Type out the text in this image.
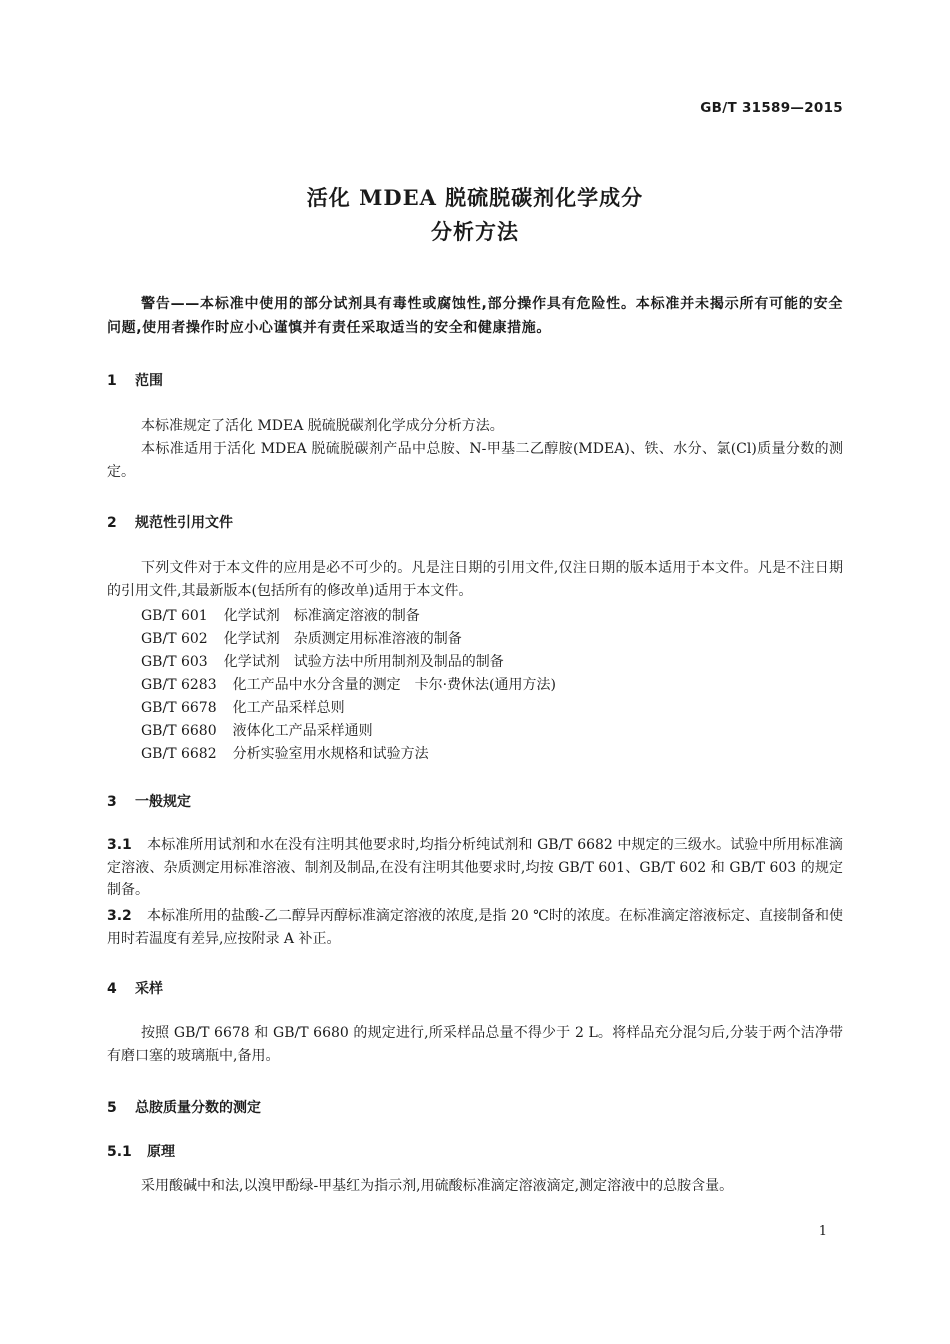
GB/T 31589—2015
活化 MDEA 脱硫脱碳剂化学成分
分析方法
警告——本标准中使用的部分试剂具有毒性或腐蚀性,部分操作具有危险性。本标准并未揭示所有可能的安全问题,使用者操作时应小心谨慎并有责任采取适当的安全和健康措施。
1 范围
本标准规定了活化 MDEA 脱硫脱碳剂化学成分分析方法。
本标准适用于活化 MDEA 脱硫脱碳剂产品中总胺、N-甲基二乙醇胺(MDEA)、铁、水分、氯(Cl)质量分数的测定。
2 规范性引用文件
下列文件对于本文件的应用是必不可少的。凡是注日期的引用文件,仅注日期的版本适用于本文件。凡是不注日期的引用文件,其最新版本(包括所有的修改单)适用于本文件。
GB/T 601 化学试剂　标准滴定溶液的制备
GB/T 602 化学试剂　杂质测定用标准溶液的制备
GB/T 603 化学试剂　试验方法中所用制剂及制品的制备
GB/T 6283 化工产品中水分含量的测定　卡尔·费休法(通用方法)
GB/T 6678 化工产品采样总则
GB/T 6680 液体化工产品采样通则
GB/T 6682 分析实验室用水规格和试验方法
3 一般规定
3.1 本标准所用试剂和水在没有注明其他要求时,均指分析纯试剂和 GB/T 6682 中规定的三级水。试验中所用标准滴定溶液、杂质测定用标准溶液、制剂及制品,在没有注明其他要求时,均按 GB/T 601、GB/T 602 和 GB/T 603 的规定制备。
3.2 本标准所用的盐酸-乙二醇异丙醇标准滴定溶液的浓度,是指 20 ℃时的浓度。在标准滴定溶液标定、直接制备和使用时若温度有差异,应按附录 A 补正。
4 采样
按照 GB/T 6678 和 GB/T 6680 的规定进行,所采样品总量不得少于 2 L。将样品充分混匀后,分装于两个洁净带有磨口塞的玻璃瓶中,备用。
5 总胺质量分数的测定
5.1 原理
采用酸碱中和法,以溴甲酚绿-甲基红为指示剂,用硫酸标准滴定溶液滴定,测定溶液中的总胺含量。
1
